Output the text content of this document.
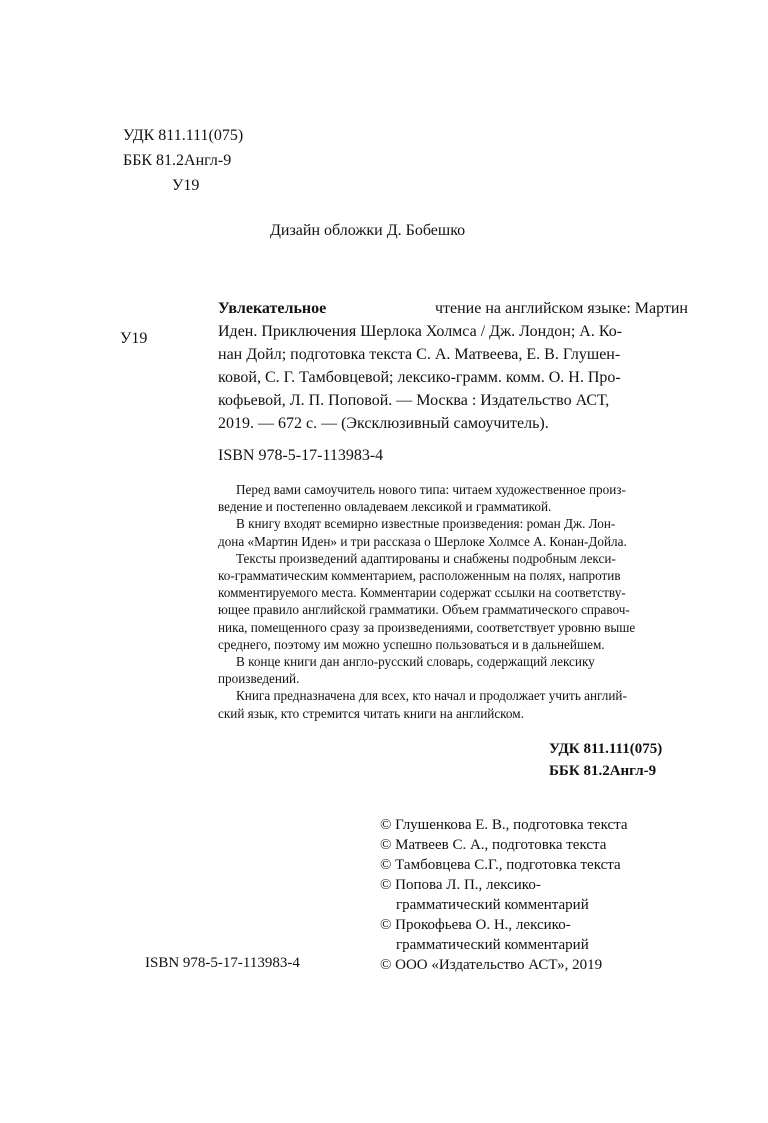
УДК 811.111(075)
ББК 81.2Англ-9
У19
Дизайн обложки Д. Бобешко
У19
Увлекательное	чтение на английском языке: Мартин
Иден. Приключения Шерлока Холмса / Дж. Лондон; А. Ко-
нан Дойл; подготовка текста С. А. Матвеева, Е. В. Глушен-
ковой, С. Г. Тамбовцевой; лексико-грамм. комм. О. Н. Про-
кофьевой, Л. П. Поповой. — Москва : Издательство АСТ,
2019. — 672 с. — (Эксклюзивный самоучитель).
ISBN 978-5-17-113983-4
Перед вами самоучитель нового типа: читаем художественное произ-
ведение и постепенно овладеваем лексикой и грамматикой.
В книгу входят всемирно известные произведения: роман Дж. Лон-
дона «Мартин Иден» и три рассказа о Шерлоке Холмсе А. Конан-Дойла.
Тексты произведений адаптированы и снабжены подробным лекси-
ко-грамматическим комментарием, расположенным на полях, напротив
комментируемого места. Комментарии содержат ссылки на соответству-
ющее правило английской грамматики. Объем грамматического справоч-
ника, помещенного сразу за произведениями, соответствует уровню выше
среднего, поэтому им можно успешно пользоваться и в дальнейшем.
В конце книги дан англо-русский словарь, содержащий лексику
произведений.
Книга предназначена для всех, кто начал и продолжает учить англий-
ский язык, кто стремится читать книги на английском.
УДК 811.111(075)
ББК 81.2Англ-9
© Глушенкова Е. В., подготовка текста
© Матвеев С. А., подготовка текста
© Тамбовцева С.Г., подготовка текста
© Попова Л. П., лексико-
грамматический комментарий
© Прокофьева О. Н., лексико-
грамматический комментарий
© ООО «Издательство АСТ», 2019
ISBN 978-5-17-113983-4
